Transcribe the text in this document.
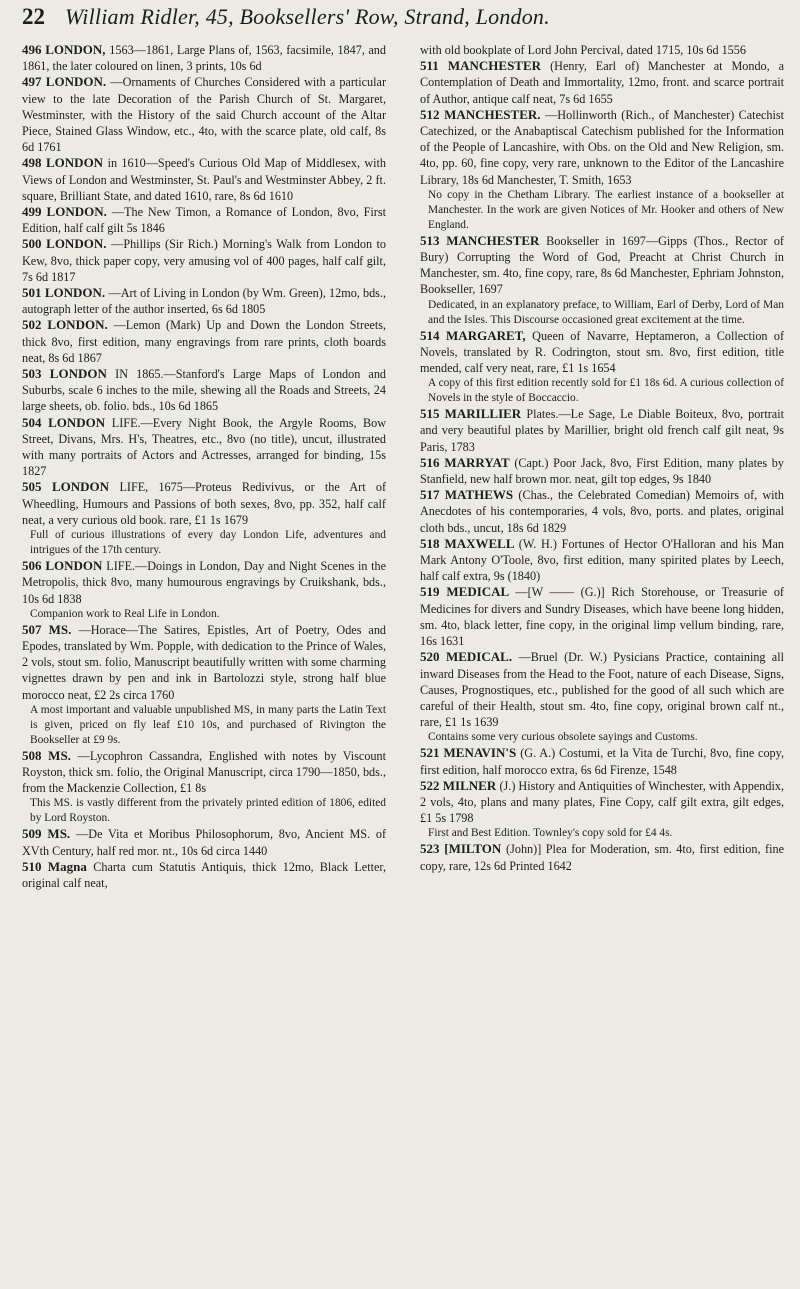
22 William Ridler, 45, Booksellers' Row, Strand, London.

496 LONDON, 1563—1861, Large Plans of, 1563, facsimile, 1847, and 1861, the later coloured on linen, 3 prints, 10s 6d

497 LONDON. —Ornaments of Churches Considered with a particular view to the late Decoration of the Parish Church of St. Margaret, Westminster, with the History of the said Church account of the Altar Piece, Stained Glass Window, etc., 4to, with the scarce plate, old calf, 8s 6d 1761

498 LONDON in 1610—Speed's Curious Old Map of Middlesex, with Views of London and Westminster, St. Paul's and Westminster Abbey, 2 ft. square, Brilliant State, and dated 1610, rare, 8s 6d 1610

499 LONDON. —The New Timon, a Romance of London, 8vo, First Edition, half calf gilt 5s 1846

500 LONDON. —Phillips (Sir Rich.) Morning's Walk from London to Kew, 8vo, thick paper copy, very amusing vol of 400 pages, half calf gilt, 7s 6d 1817

501 LONDON. —Art of Living in London (by Wm. Green), 12mo, bds., autograph letter of the author inserted, 6s 6d 1805

502 LONDON. —Lemon (Mark) Up and Down the London Streets, thick 8vo, first edition, many engravings from rare prints, cloth boards neat, 8s 6d 1867

503 LONDON IN 1865.—Stanford's Large Maps of London and Suburbs, scale 6 inches to the mile, shewing all the Roads and Streets, 24 large sheets, ob. folio. bds., 10s 6d 1865

504 LONDON LIFE.—Every Night Book, the Argyle Rooms, Bow Street, Divans, Mrs. H's, Theatres, etc., 8vo (no title), uncut, illustrated with many portraits of Actors and Actresses, arranged for binding, 15s 1827

505 LONDON LIFE, 1675—Proteus Redivivus, or the Art of Wheedling, Humours and Passions of both sexes, 8vo, pp. 352, half calf neat, a very curious old book. rare, £1 1s 1679

Full of curious illustrations of every day London Life, adventures and intrigues of the 17th century.

506 LONDON LIFE.—Doings in London, Day and Night Scenes in the Metropolis, thick 8vo, many humourous engravings by Cruikshank, bds., 10s 6d 1838

Companion work to Real Life in London.

507 MS. —Horace—The Satires, Epistles, Art of Poetry, Odes and Epodes, translated by Wm. Popple, with dedication to the Prince of Wales, 2 vols, stout sm. folio, Manuscript beautifully written with some charming vignettes drawn by pen and ink in Bartolozzi style, strong half blue morocco neat, £2 2s circa 1760

A most important and valuable unpublished MS, in many parts the Latin Text is given, priced on fly leaf £10 10s, and purchased of Rivington the Bookseller at £9 9s.

508 MS. —Lycophron Cassandra, Englished with notes by Viscount Royston, thick sm. folio, the Original Manuscript, circa 1790—1850, bds., from the Mackenzie Collection, £1 8s

This MS. is vastly different from the privately printed edition of 1806, edited by Lord Royston.

509 MS. —De Vita et Moribus Philosophorum, 8vo, Ancient MS. of XVth Century, half red mor. nt., 10s 6d circa 1440

510 Magna Charta cum Statutis Antiquis, thick 12mo, Black Letter, original calf neat,

with old bookplate of Lord John Percival, dated 1715, 10s 6d 1556

511 MANCHESTER (Henry, Earl of) Manchester at Mondo, a Contemplation of Death and Immortality, 12mo, front. and scarce portrait of Author, antique calf neat, 7s 6d 1655

512 MANCHESTER. —Hollinworth (Rich., of Manchester) Catechist Catechized, or the Anabaptiscal Catechism published for the Information of the People of Lancashire, with Obs. on the Old and New Religion, sm. 4to, pp. 60, fine copy, very rare, unknown to the Editor of the Lancashire Library, 18s 6d Manchester, T. Smith, 1653

No copy in the Chetham Library. The earliest instance of a bookseller at Manchester. In the work are given Notices of Mr. Hooker and others of New England.

513 MANCHESTER Bookseller in 1697—Gipps (Thos., Rector of Bury) Corrupting the Word of God, Preacht at Christ Church in Manchester, sm. 4to, fine copy, rare, 8s 6d Manchester, Ephriam Johnston, Bookseller, 1697

Dedicated, in an explanatory preface, to William, Earl of Derby, Lord of Man and the Isles. This Discourse occasioned great excitement at the time.

514 MARGARET, Queen of Navarre, Heptameron, a Collection of Novels, translated by R. Codrington, stout sm. 8vo, first edition, title mended, calf very neat, rare, £1 1s 1654

A copy of this first edition recently sold for £1 18s 6d. A curious collection of Novels in the style of Boccaccio.

515 MARILLIER Plates.—Le Sage, Le Diable Boiteux, 8vo, portrait and very beautiful plates by Marillier, bright old french calf gilt neat, 9s Paris, 1783

516 MARRYAT (Capt.) Poor Jack, 8vo, First Edition, many plates by Stanfield, new half brown mor. neat, gilt top edges, 9s 1840

517 MATHEWS (Chas., the Celebrated Comedian) Memoirs of, with Anecdotes of his contemporaries, 4 vols, 8vo, ports. and plates, original cloth bds., uncut, 18s 6d 1829

518 MAXWELL (W. H.) Fortunes of Hector O'Halloran and his Man Mark Antony O'Toole, 8vo, first edition, many spirited plates by Leech, half calf extra, 9s (1840)

519 MEDICAL —[W —— (G.)] Rich Storehouse, or Treasurie of Medicines for divers and Sundry Diseases, which have beene long hidden, sm. 4to, black letter, fine copy, in the original limp vellum binding, rare, 16s 1631

520 MEDICAL. —Bruel (Dr. W.) Pysicians Practice, containing all inward Diseases from the Head to the Foot, nature of each Disease, Signs, Causes, Prognostiques, etc., published for the good of all such which are careful of their Health, stout sm. 4to, fine copy, original brown calf nt., rare, £1 1s 1639

Contains some very curious obsolete sayings and Customs.

521 MENAVIN'S (G. A.) Costumi, et la Vita de Turchi, 8vo, fine copy, first edition, half morocco extra, 6s 6d Firenze, 1548

522 MILNER (J.) History and Antiquities of Winchester, with Appendix, 2 vols, 4to, plans and many plates, Fine Copy, calf gilt extra, gilt edges, £1 5s 1798

First and Best Edition. Townley's copy sold for £4 4s.

523 [MILTON (John)] Plea for Moderation, sm. 4to, first edition, fine copy, rare, 12s 6d Printed 1642
